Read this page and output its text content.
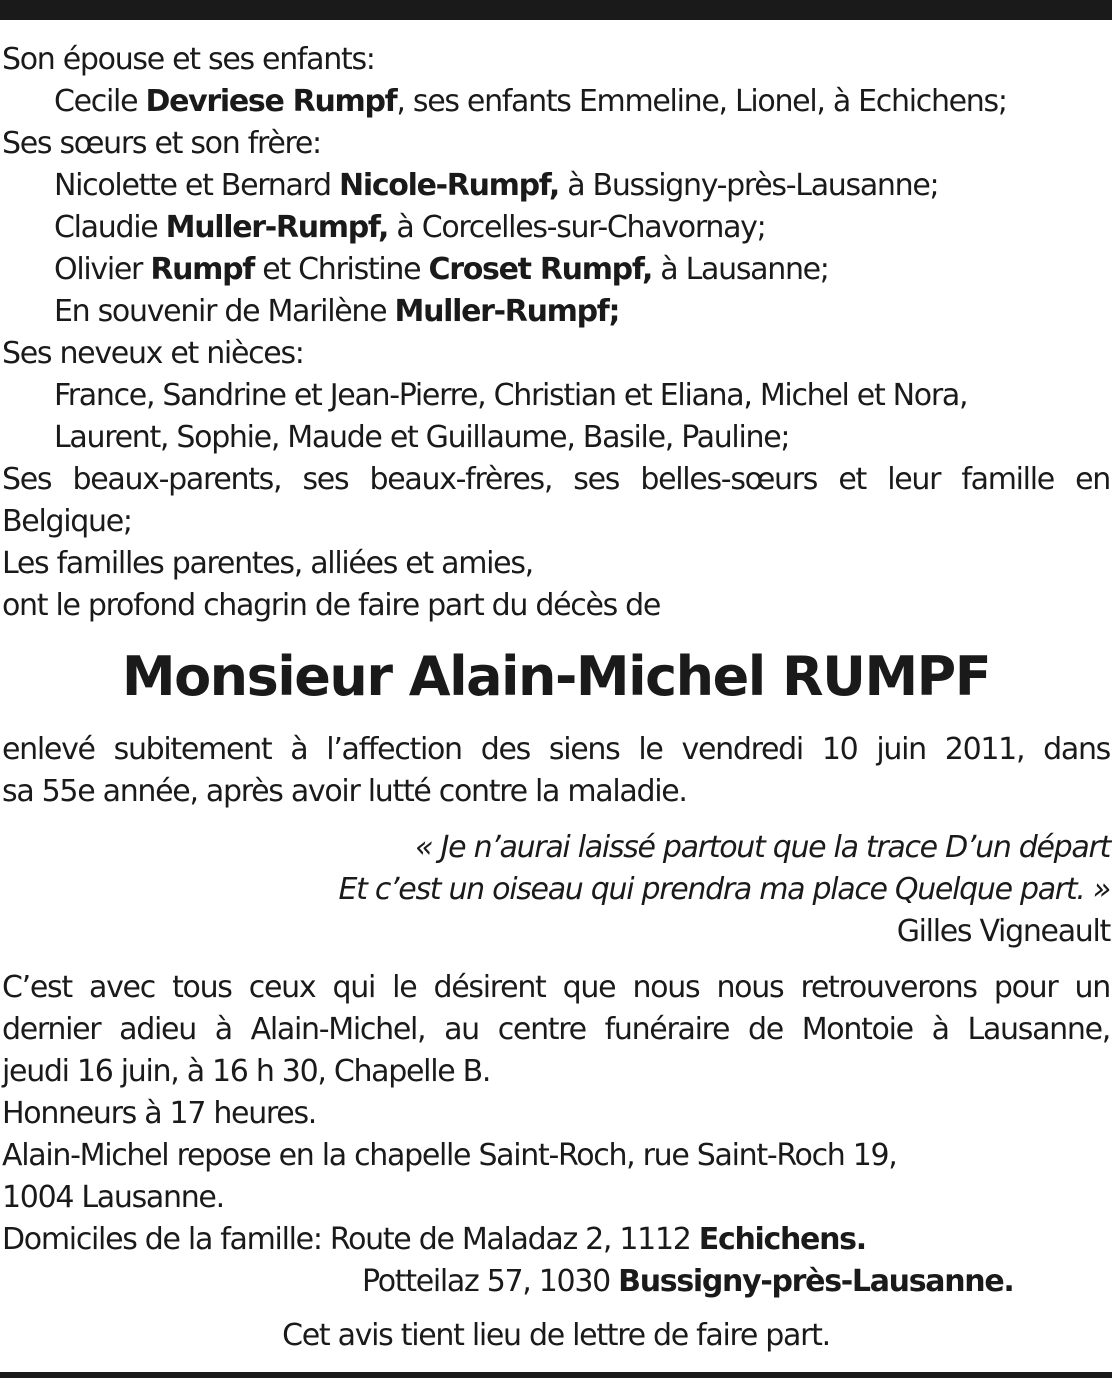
Son épouse et ses enfants:
Cecile Devriese Rumpf, ses enfants Emmeline, Lionel, à Echichens;
Ses sœurs et son frère:
Nicolette et Bernard Nicole-Rumpf, à Bussigny-près-Lausanne;
Claudie Muller-Rumpf, à Corcelles-sur-Chavornay;
Olivier Rumpf et Christine Croset Rumpf, à Lausanne;
En souvenir de Marilène Muller-Rumpf;
Ses neveux et nièces:
France, Sandrine et Jean-Pierre, Christian et Eliana, Michel et Nora,
Laurent, Sophie, Maude et Guillaume, Basile, Pauline;
Ses beaux-parents, ses beaux-frères, ses belles-sœurs et leur famille en
Belgique;
Les familles parentes, alliées et amies,
ont le profond chagrin de faire part du décès de
Monsieur Alain-Michel RUMPF
enlevé subitement à l’affection des siens le vendredi 10 juin 2011, dans
sa 55e année, après avoir lutté contre la maladie.
« Je n’aurai laissé partout que la trace D’un départ
Et c’est un oiseau qui prendra ma place Quelque part. »
Gilles Vigneault
C’est avec tous ceux qui le désirent que nous nous retrouverons pour un
dernier adieu à Alain-Michel, au centre funéraire de Montoie à Lausanne,
jeudi 16 juin, à 16 h 30, Chapelle B.
Honneurs à 17 heures.
Alain-Michel repose en la chapelle Saint-Roch, rue Saint-Roch 19,
1004 Lausanne.
Domiciles de la famille: Route de Maladaz 2, 1112 Echichens.
Potteilaz 57, 1030 Bussigny-près-Lausanne.
Cet avis tient lieu de lettre de faire part.
